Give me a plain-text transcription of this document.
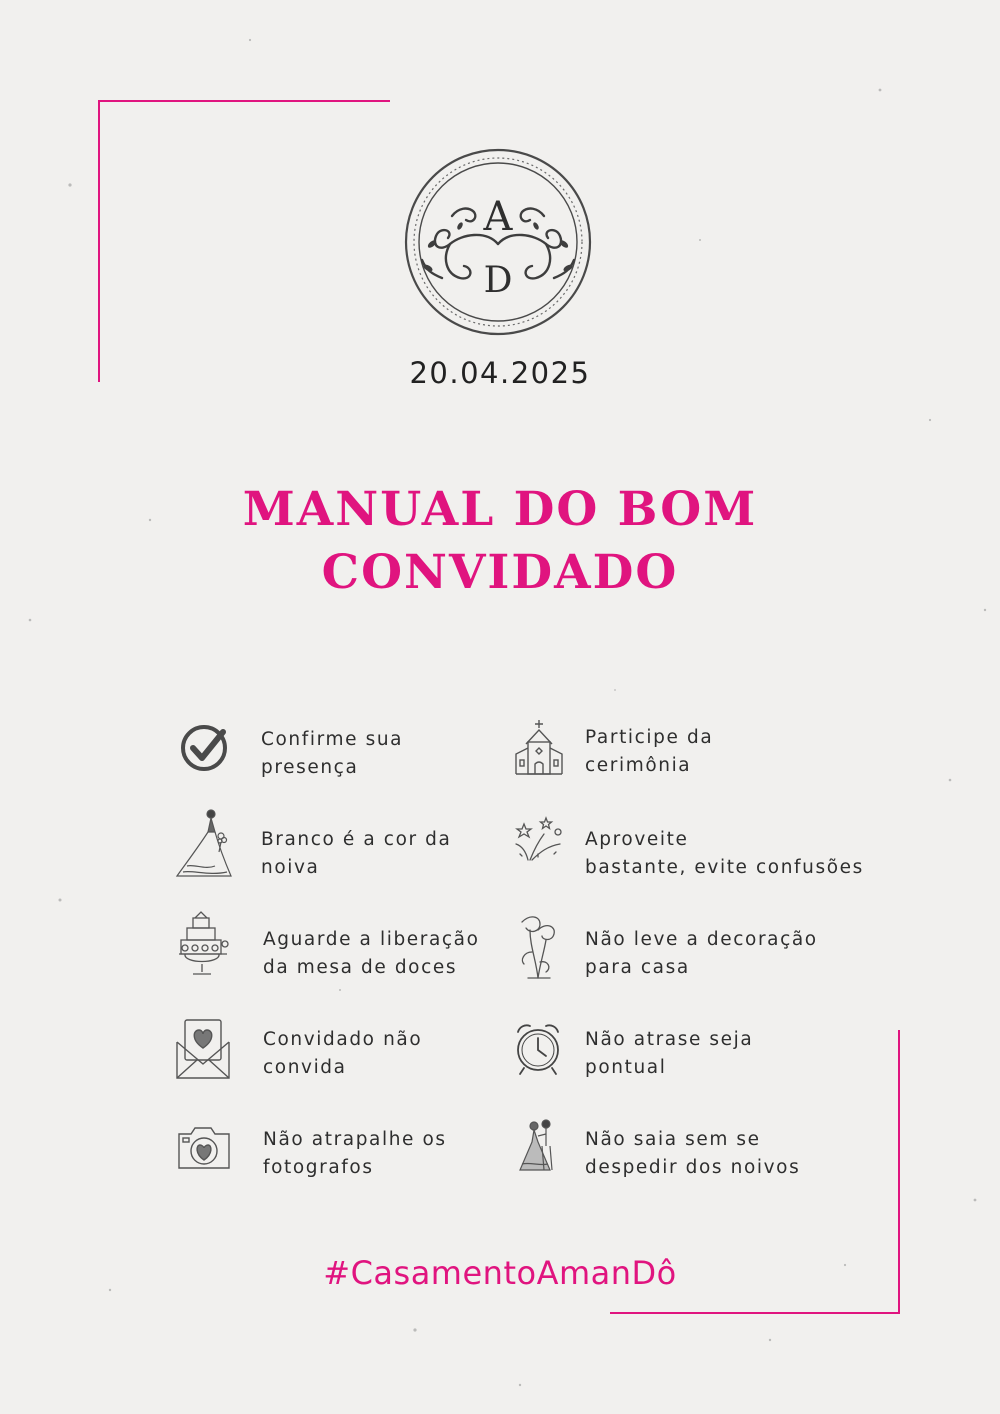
A
D
20.04.2025
MANUAL DO BOM
CONVIDADO
Confirme sua
presença
Participe da
cerimônia
Branco é a cor da
noiva
Aproveite
bastante, evite confusões
Aguarde a liberação
da mesa de doces
Não leve a decoração
para casa
Convidado não
convida
Não atrase seja
pontual
Não atrapalhe os
fotografos
Não saia sem se
despedir dos noivos
#CasamentoAmanDô
